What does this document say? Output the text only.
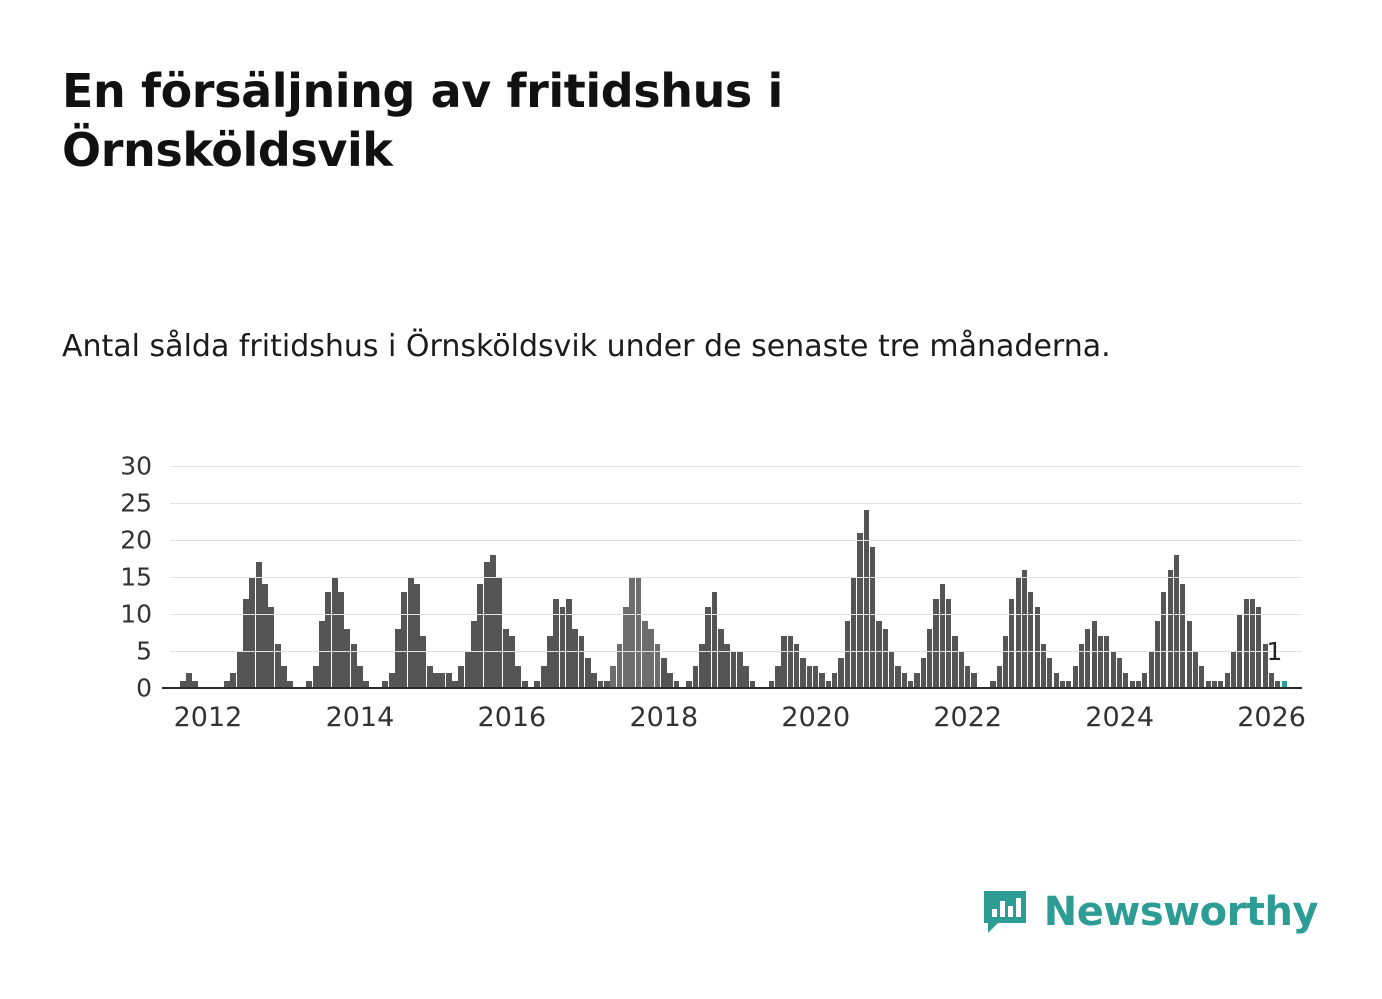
En försäljning av fritidshus i Örnsköldsvik
Antal sålda fritidshus i Örnsköldsvik under de senaste tre månaderna.
0
5
10
15
20
25
30
1
2012	2014	2016	2018	2020	2022	2024	2026
Newsworthy
